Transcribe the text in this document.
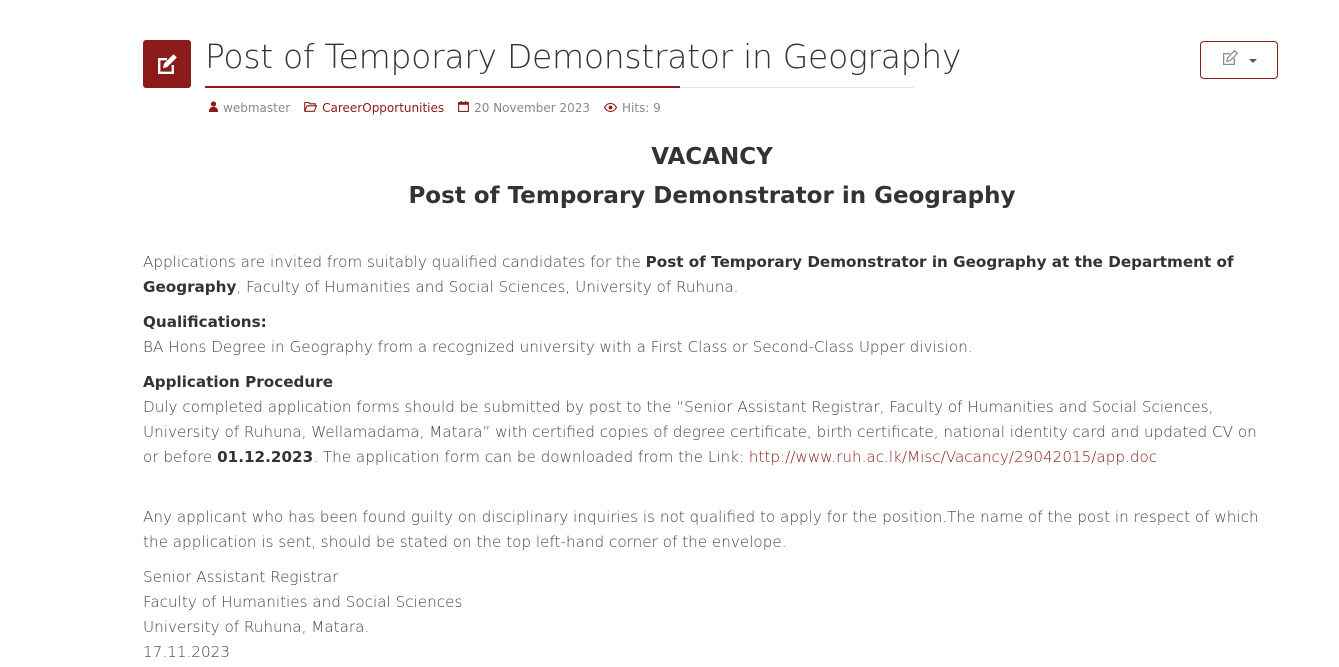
Post of Temporary Demonstrator in Geography
webmaster	CareerOpportunities	20 November 2023	Hits: 9
VACANCY
Post of Temporary Demonstrator in Geography

Applications are invited from suitably qualified candidates for the Post of Temporary Demonstrator in Geography at the Department of Geography, Faculty of Humanities and Social Sciences, University of Ruhuna.

Qualifications:
BA Hons Degree in Geography from a recognized university with a First Class or Second-Class Upper division.

Application Procedure
Duly completed application forms should be submitted by post to the “Senior Assistant Registrar, Faculty of Humanities and Social Sciences, University of Ruhuna, Wellamadama, Matara” with certified copies of degree certificate, birth certificate, national identity card and updated CV on or before 01.12.2023. The application form can be downloaded from the Link: http://www.ruh.ac.lk/Misc/Vacancy/29042015/app.doc

Any applicant who has been found guilty on disciplinary inquiries is not qualified to apply for the position.The name of the post in respect of which the application is sent, should be stated on the top left-hand corner of the envelope.

Senior Assistant Registrar
Faculty of Humanities and Social Sciences
University of Ruhuna, Matara.
17.11.2023
